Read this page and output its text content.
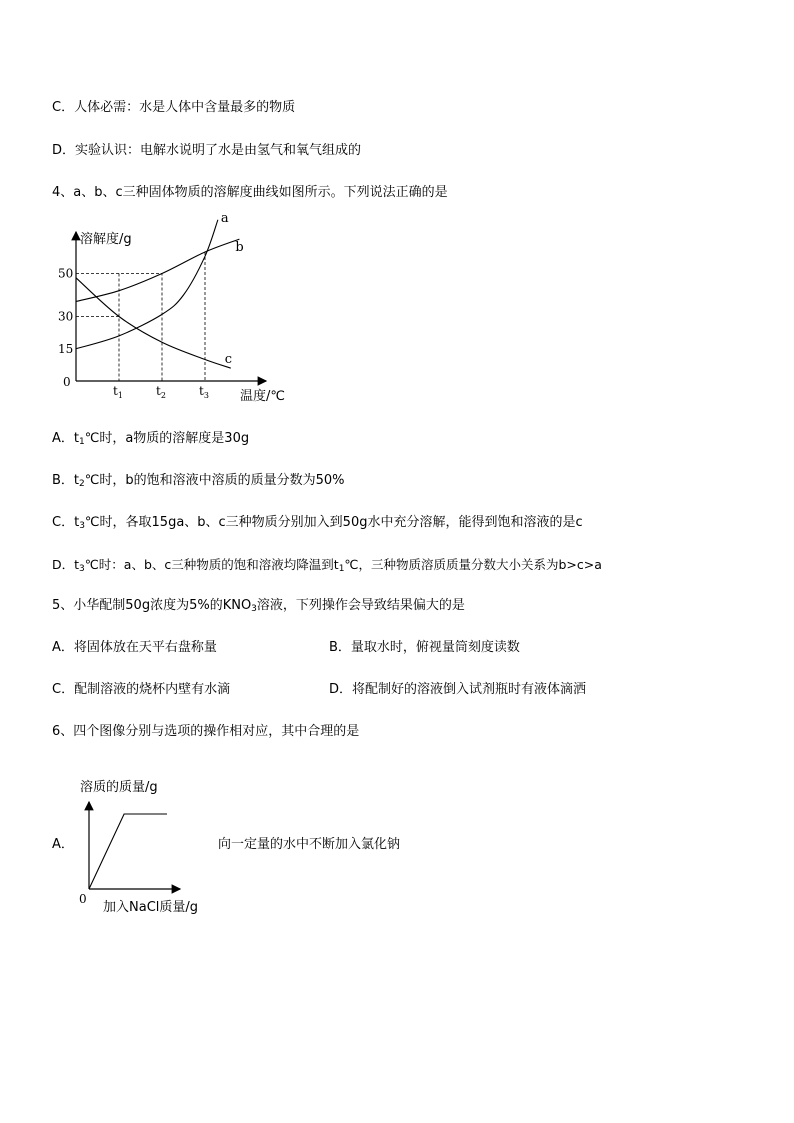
C．人体必需：水是人体中含量最多的物质
D．实验认识：电解水说明了水是由氢气和氧气组成的
4、a、b、c三种固体物质的溶解度曲线如图所示。下列说法正确的是
溶解度/g
温度/℃
0
15
30
50
$t_1$	$t_2$	$t_3$
a
b
c
A．$t_1℃$时，a物质的溶解度是30g
B．$t_2℃$时，b的饱和溶液中溶质的质量分数为50%
C．$t_3℃$时，各取15ga、b、c三种物质分别加入到50g水中充分溶解，能得到饱和溶液的是c
D．$t_3℃$时：a、b、c三种物质的饱和溶液均降温到$t_1℃$，三种物质溶质质量分数大小关系为b>c>a
5、小华配制50g浓度为5%的$KNO_3$溶液，下列操作会导致结果偏大的是
A．将固体放在天平右盘称量	B．量取水时，俯视量筒刻度读数
C．配制溶液的烧杯内壁有水滴	D．将配制好的溶液倒入试剂瓶时有液体滴洒
6、四个图像分别与选项的操作相对应，其中合理的是
A．	向一定量的水中不断加入氯化钠
溶质的质量/g
加入NaCl质量/g
0
